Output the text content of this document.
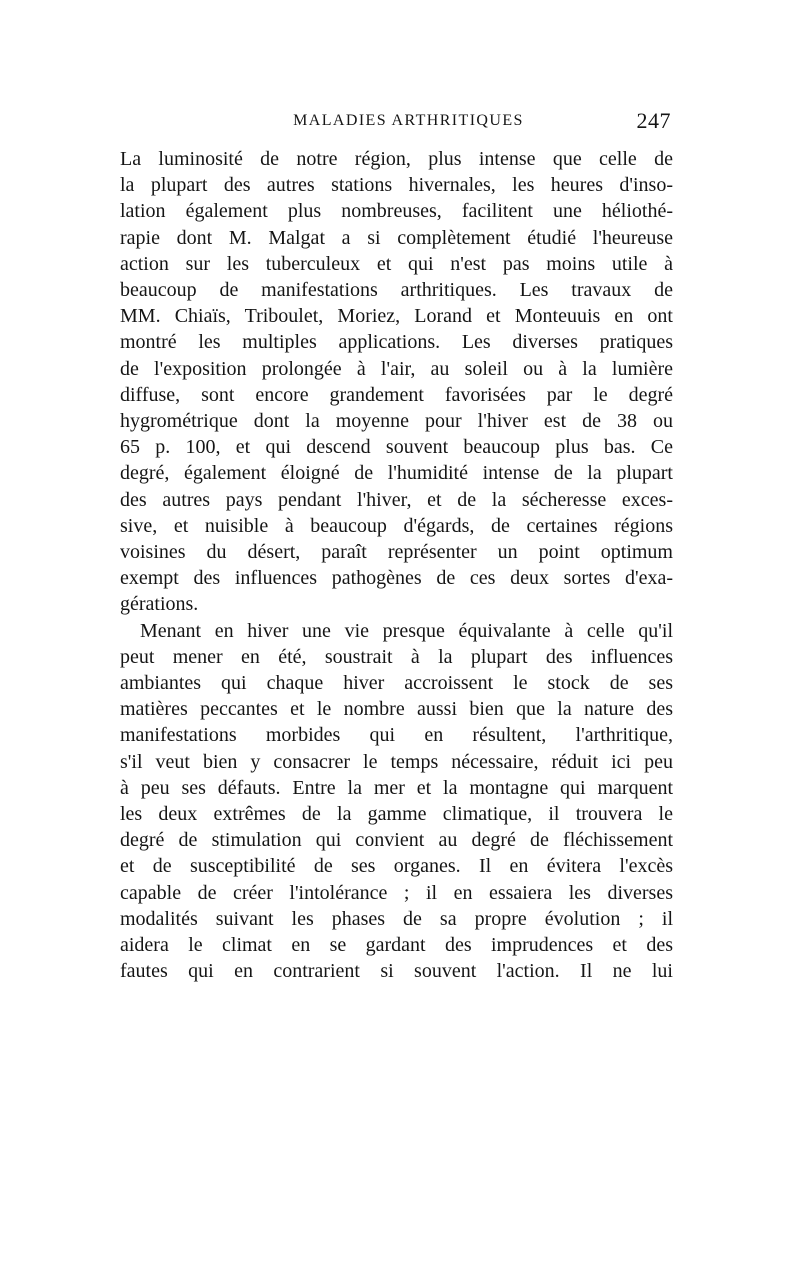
MALADIES ARTHRITIQUES	247

La luminosité de notre région, plus intense que celle de
la plupart des autres stations hivernales, les heures d'inso-
lation également plus nombreuses, facilitent une héliothé-
rapie dont M. Malgat a si complètement étudié l'heureuse
action sur les tuberculeux et qui n'est pas moins utile à
beaucoup de manifestations arthritiques. Les travaux de
MM. Chiaïs, Triboulet, Moriez, Lorand et Monteuuis en ont
montré les multiples applications. Les diverses pratiques
de l'exposition prolongée à l'air, au soleil ou à la lumière
diffuse, sont encore grandement favorisées par le degré
hygrométrique dont la moyenne pour l'hiver est de 38 ou
65 p. 100, et qui descend souvent beaucoup plus bas. Ce
degré, également éloigné de l'humidité intense de la plupart
des autres pays pendant l'hiver, et de la sécheresse exces-
sive, et nuisible à beaucoup d'égards, de certaines régions
voisines du désert, paraît représenter un point optimum
exempt des influences pathogènes de ces deux sortes d'exa-
gérations.

Menant en hiver une vie presque équivalante à celle qu'il
peut mener en été, soustrait à la plupart des influences
ambiantes qui chaque hiver accroissent le stock de ses
matières peccantes et le nombre aussi bien que la nature des
manifestations morbides qui en résultent, l'arthritique,
s'il veut bien y consacrer le temps nécessaire, réduit ici peu
à peu ses défauts. Entre la mer et la montagne qui marquent
les deux extrêmes de la gamme climatique, il trouvera le
degré de stimulation qui convient au degré de fléchissement
et de susceptibilité de ses organes. Il en évitera l'excès
capable de créer l'intolérance ; il en essaiera les diverses
modalités suivant les phases de sa propre évolution ; il
aidera le climat en se gardant des imprudences et des
fautes qui en contrarient si souvent l'action. Il ne lui
